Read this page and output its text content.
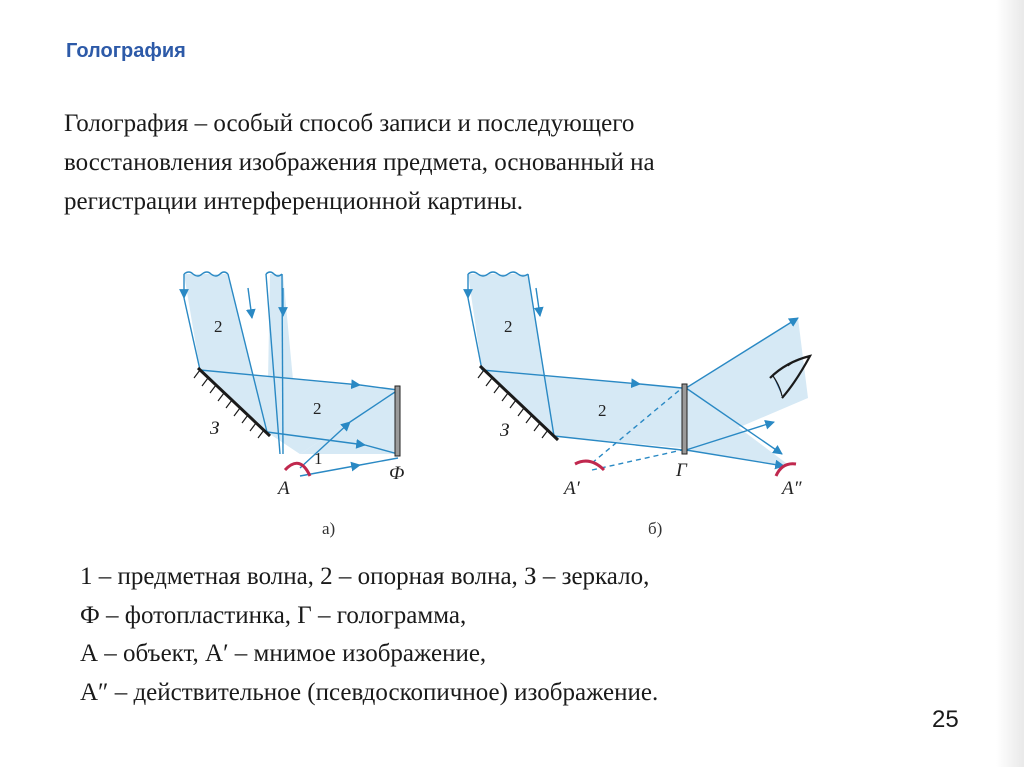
Голография
Голография – особый способ записи и последующего
восстановления изображения предмета, основанный на
регистрации интерференционной картины.
2
2
1
З
A
Ф
а)
2
2
З
A′
Г
A″
б)
1 – предметная волна, 2 – опорная волна, З – зеркало,
Ф – фотопластинка, Г – голограмма,
А – объект, А′ – мнимое изображение,
А″ – действительное (псевдоскопичное) изображение.
25
